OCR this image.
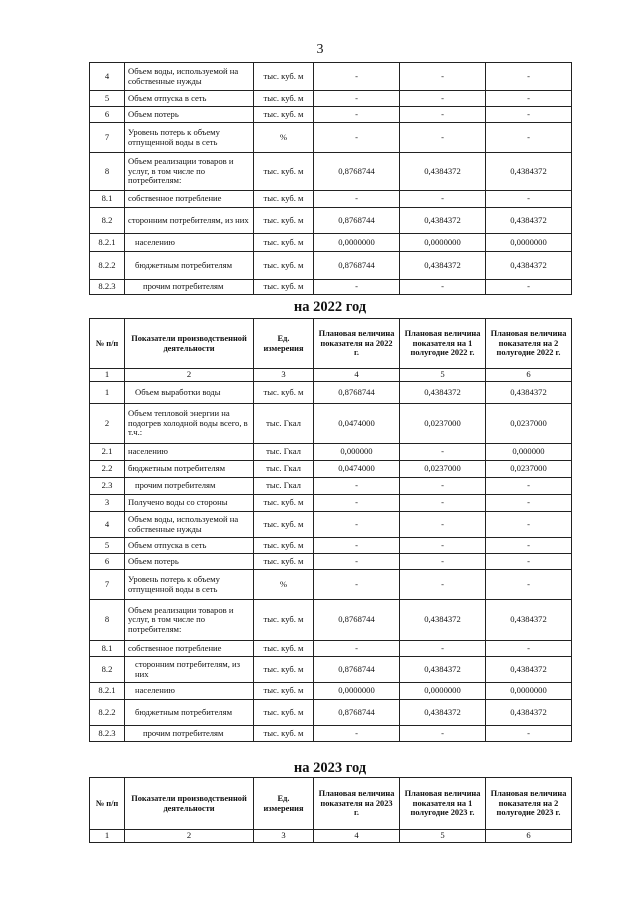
3
4	Объем воды, используемой на собственные нужды	тыс. куб. м	-	-	-
5	Объем отпуска в сеть	тыс. куб. м	-	-	-
6	Объем потерь	тыс. куб. м	-	-	-
7	Уровень потерь к объему отпущенной воды в сеть	%	-	-	-
8	Объем реализации товаров и услуг, в том числе по потребителям:	тыс. куб. м	0,8768744	0,4384372	0,4384372
8.1	собственное потребление	тыс. куб. м	-	-	-
8.2	сторонним потребителям, из них	тыс. куб. м	0,8768744	0,4384372	0,4384372
8.2.1	населению	тыс. куб. м	0,0000000	0,0000000	0,0000000
8.2.2	бюджетным потребителям	тыс. куб. м	0,8768744	0,4384372	0,4384372
8.2.3	прочим потребителям	тыс. куб. м	-	-	-
на 2022 год
№ п/п	Показатели производственной деятельности	Ед. измерения	Плановая величина показателя на 2022 г.	Плановая величина показателя на 1 полугодие 2022 г.	Плановая величина показателя на 2 полугодие 2022 г.
1	2	3	4	5	6
1	Объем выработки воды	тыс. куб. м	0,8768744	0,4384372	0,4384372
2	Объем тепловой энергии на подогрев холодной воды всего, в т.ч.:	тыс. Гкал	0,0474000	0,0237000	0,0237000
2.1	населению	тыс. Гкал	0,000000	-	0,000000
2.2	бюджетным потребителям	тыс. Гкал	0,0474000	0,0237000	0,0237000
2.3	прочим потребителям	тыс. Гкал	-	-	-
3	Получено воды со стороны	тыс. куб. м	-	-	-
4	Объем воды, используемой на собственные нужды	тыс. куб. м	-	-	-
5	Объем отпуска в сеть	тыс. куб. м	-	-	-
6	Объем потерь	тыс. куб. м	-	-	-
7	Уровень потерь к объему отпущенной воды в сеть	%	-	-	-
8	Объем реализации товаров и услуг, в том числе по потребителям:	тыс. куб. м	0,8768744	0,4384372	0,4384372
8.1	собственное потребление	тыс. куб. м	-	-	-
8.2	сторонним потребителям, из них	тыс. куб. м	0,8768744	0,4384372	0,4384372
8.2.1	населению	тыс. куб. м	0,0000000	0,0000000	0,0000000
8.2.2	бюджетным потребителям	тыс. куб. м	0,8768744	0,4384372	0,4384372
8.2.3	прочим потребителям	тыс. куб. м	-	-	-
на 2023 год
№ п/п	Показатели производственной деятельности	Ед. измерения	Плановая величина показателя на 2023 г.	Плановая величина показателя на 1 полугодие 2023 г.	Плановая величина показателя на 2 полугодие 2023 г.
1	2	3	4	5	6
